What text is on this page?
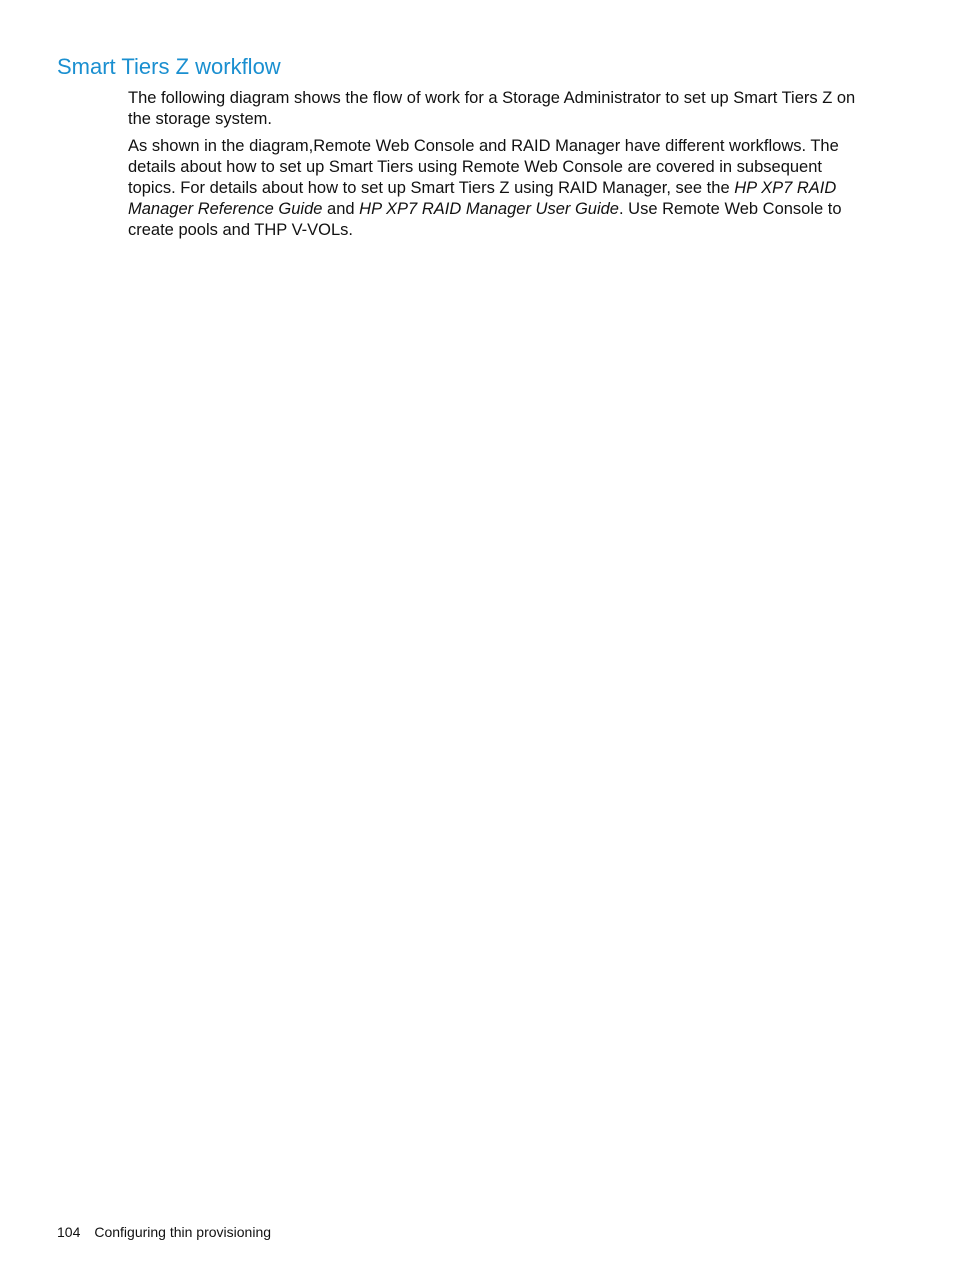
Smart Tiers Z workflow

The following diagram shows the flow of work for a Storage Administrator to set up Smart Tiers Z on the storage system.

As shown in the diagram,Remote Web Console and RAID Manager have different workflows. The details about how to set up Smart Tiers using Remote Web Console are covered in subsequent topics. For details about how to set up Smart Tiers Z using RAID Manager, see the HP XP7 RAID Manager Reference Guide and HP XP7 RAID Manager User Guide. Use Remote Web Console to create pools and THP V-VOLs.

104 Configuring thin provisioning
